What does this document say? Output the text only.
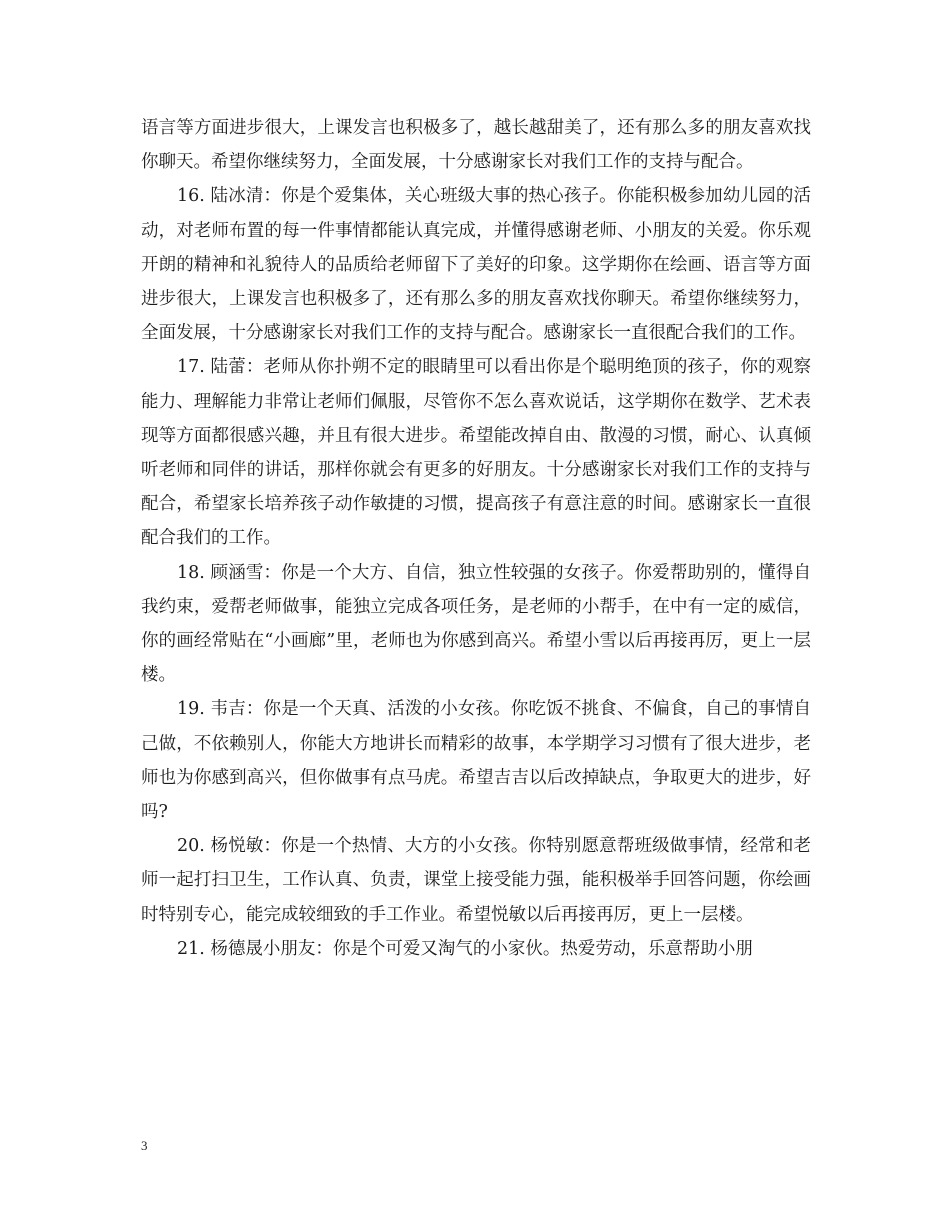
语言等方面进步很大，上课发言也积极多了，越长越甜美了，还有那么多的朋友喜欢找你聊天。希望你继续努力，全面发展，十分感谢家长对我们工作的支持与配合。

16. 陆冰清：你是个爱集体，关心班级大事的热心孩子。你能积极参加幼儿园的活动，对老师布置的每一件事情都能认真完成，并懂得感谢老师、小朋友的关爱。你乐观开朗的精神和礼貌待人的品质给老师留下了美好的印象。这学期你在绘画、语言等方面进步很大，上课发言也积极多了，还有那么多的朋友喜欢找你聊天。希望你继续努力，全面发展，十分感谢家长对我们工作的支持与配合。感谢家长一直很配合我们的工作。

17. 陆蕾：老师从你扑朔不定的眼睛里可以看出你是个聪明绝顶的孩子，你的观察能力、理解能力非常让老师们佩服，尽管你不怎么喜欢说话，这学期你在数学、艺术表现等方面都很感兴趣，并且有很大进步。希望能改掉自由、散漫的习惯，耐心、认真倾听老师和同伴的讲话，那样你就会有更多的好朋友。十分感谢家长对我们工作的支持与配合，希望家长培养孩子动作敏捷的习惯，提高孩子有意注意的时间。感谢家长一直很配合我们的工作。

18. 顾涵雪：你是一个大方、自信，独立性较强的女孩子。你爱帮助别的，懂得自我约束，爱帮老师做事，能独立完成各项任务，是老师的小帮手，在中有一定的威信，你的画经常贴在“小画廊”里，老师也为你感到高兴。希望小雪以后再接再厉，更上一层楼。

19. 韦吉：你是一个天真、活泼的小女孩。你吃饭不挑食、不偏食，自己的事情自己做，不依赖别人，你能大方地讲长而精彩的故事，本学期学习习惯有了很大进步，老师也为你感到高兴，但你做事有点马虎。希望吉吉以后改掉缺点，争取更大的进步，好吗?

20. 杨悦敏：你是一个热情、大方的小女孩。你特别愿意帮班级做事情，经常和老师一起打扫卫生，工作认真、负责，课堂上接受能力强，能积极举手回答问题，你绘画时特别专心，能完成较细致的手工作业。希望悦敏以后再接再厉，更上一层楼。

21. 杨德晟小朋友：你是个可爱又淘气的小家伙。热爱劳动，乐意帮助小朋

3
